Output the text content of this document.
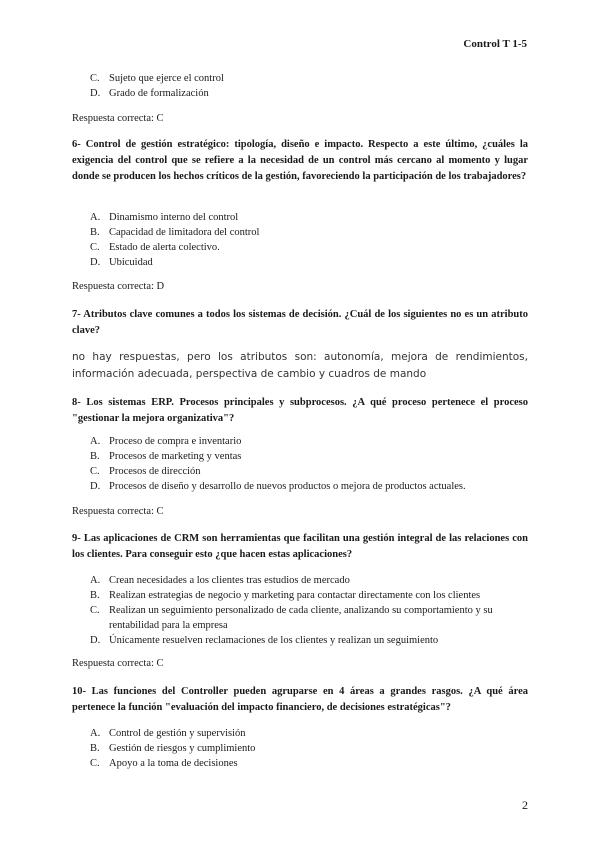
Control T 1-5
C. Sujeto que ejerce el control
D. Grado de formalización
Respuesta correcta: C
6- Control de gestión estratégico: tipología, diseño e impacto. Respecto a este último, ¿cuáles la exigencia del control que se refiere a la necesidad de un control más cercano al momento y lugar donde se producen los hechos críticos de la gestión, favoreciendo la participación de los trabajadores?
A. Dinamismo interno del control
B. Capacidad de limitadora del control
C. Estado de alerta colectivo.
D. Ubicuidad
Respuesta correcta: D
7- Atributos clave comunes a todos los sistemas de decisión. ¿Cuál de los siguientes no es un atributo clave?
no hay respuestas, pero los atributos son: autonomía, mejora de rendimientos, información adecuada, perspectiva de cambio y cuadros de mando
8- Los sistemas ERP. Procesos principales y subprocesos. ¿A qué proceso pertenece el proceso "gestionar la mejora organizativa"?
A. Proceso de compra e inventario
B. Procesos de marketing y ventas
C. Procesos de dirección
D. Procesos de diseño y desarrollo de nuevos productos o mejora de productos actuales.
Respuesta correcta: C
9- Las aplicaciones de CRM son herramientas que facilitan una gestión integral de las relaciones con los clientes. Para conseguir esto ¿que hacen estas aplicaciones?
A. Crean necesidades a los clientes tras estudios de mercado
B. Realizan estrategias de negocio y marketing para contactar directamente con los clientes
C. Realizan un seguimiento personalizado de cada cliente, analizando su comportamiento y su rentabilidad para la empresa
D. Únicamente resuelven reclamaciones de los clientes y realizan un seguimiento
Respuesta correcta: C
10- Las funciones del Controller pueden agruparse en 4 áreas a grandes rasgos. ¿A qué área pertenece la función "evaluación del impacto financiero, de decisiones estratégicas"?
A. Control de gestión y supervisión
B. Gestión de riesgos y cumplimiento
C. Apoyo a la toma de decisiones
2
